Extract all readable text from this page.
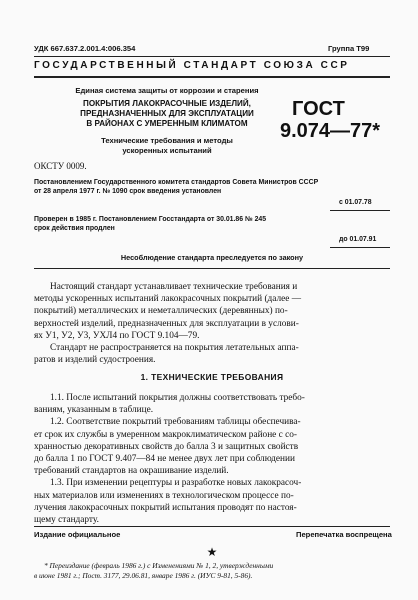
УДК 667.637.2.001.4:006.354	Группа Т99
ГОСУДАРСТВЕННЫЙ СТАНДАРТ СОЮЗА ССР
Единая система защиты от коррозии и старения
ПОКРЫТИЯ ЛАКОКРАСОЧНЫЕ ИЗДЕЛИЙ,
ПРЕДНАЗНАЧЕННЫХ ДЛЯ ЭКСПЛУАТАЦИИ
В РАЙОНАХ С УМЕРЕННЫМ КЛИМАТОМ
Технические требования и методы
ускоренных испытаний
ГОСТ
9.074—77*
ОКСТУ 0009.
Постановлением Государственного комитета стандартов Совета Министров СССР
от 28 апреля 1977 г. № 1090 срок введения установлен
с 01.07.78
Проверен в 1985 г. Постановлением Госстандарта от 30.01.86 № 245
срок действия продлен
до 01.07.91
Несоблюдение стандарта преследуется по закону
Настоящий стандарт устанавливает технические требования и
методы ускоренных испытаний лакокрасочных покрытий (далее —
покрытий) металлических и неметаллических (деревянных) по-
верхностей изделий, предназначенных для эксплуатации в услови-
ях У1, У2, У3, УХЛ4 по ГОСТ 9.104—79.
Стандарт не распространяется на покрытия летательных аппа-
ратов и изделий судостроения.
1. ТЕХНИЧЕСКИЕ ТРЕБОВАНИЯ
1.1. После испытаний покрытия должны соответствовать требо-
ваниям, указанным в таблице.
1.2. Соответствие покрытий требованиям таблицы обеспечива-
ет срок их службы в умеренном макроклиматическом районе с со-
хранностью декоративных свойств до балла 3 и защитных свойств
до балла 1 по ГОСТ 9.407—84 не менее двух лет при соблюдении
требований стандартов на окрашивание изделий.
1.3. При изменении рецептуры и разработке новых лакокрасоч-
ных материалов или изменениях в технологическом процессе по-
лучения лакокрасочных покрытий испытания проводят по настоя-
щему стандарту.
Издание официальное	Перепечатка воспрещена
★
* Переиздание (февраль 1986 г.) с Изменениями № 1, 2, утвержденными
в июне 1981 г.; Пост. 3177, 29.06.81, январе 1986 г. (ИУС 9-81, 5-86).
